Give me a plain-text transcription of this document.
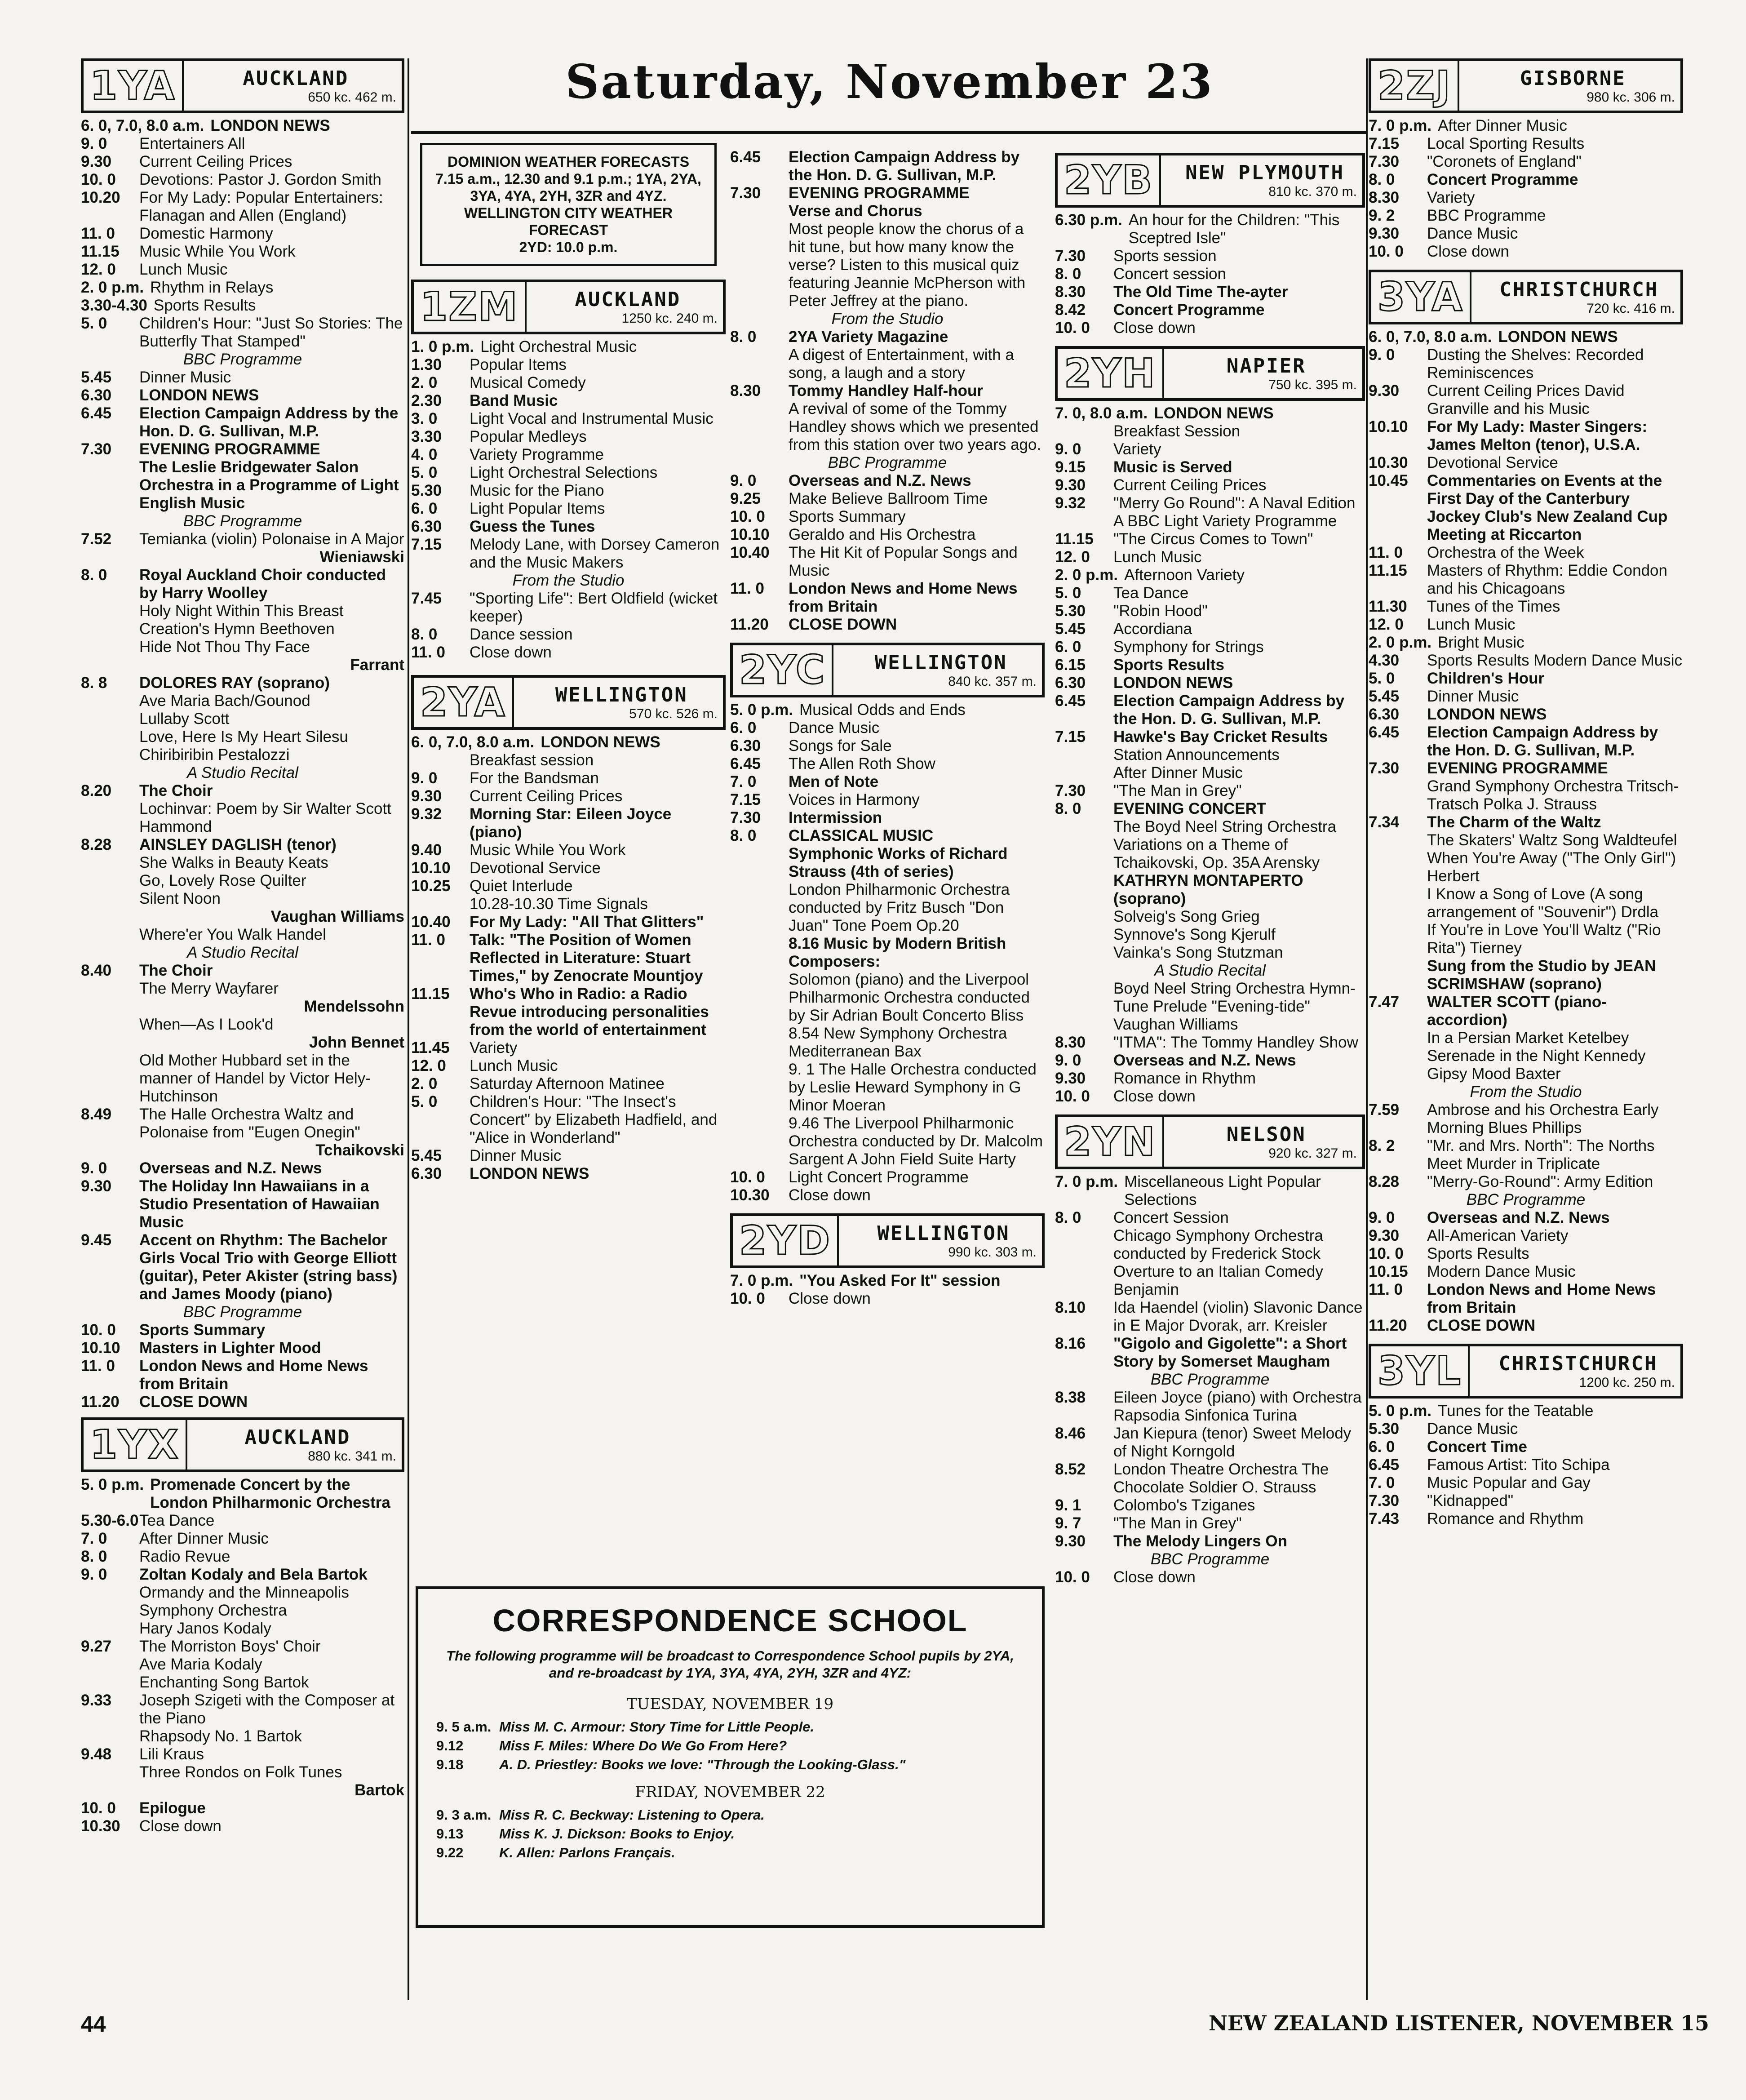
Saturday, November 23
1YA	AUCKLAND
650 kc. 462 m.
6. 0, 7.0, 8.0 a.m. LONDON NEWS
9. 0	Entertainers All
9.30	Current Ceiling Prices
10. 0	Devotions: Pastor J. Gordon Smith
10.20	For My Lady: Popular Entertainers: Flanagan and Allen (England)
11. 0	Domestic Harmony
11.15	Music While You Work
12. 0	Lunch Music
2. 0 p.m. Rhythm in Relays
3.30-4.30 Sports Results
5. 0	Children's Hour: "Just So Stories: The Butterfly That Stamped"
BBC Programme
5.45	Dinner Music
6.30	LONDON NEWS
6.45	Election Campaign Address by the Hon. D. G. Sullivan, M.P.
7.30	EVENING PROGRAMME
The Leslie Bridgewater Salon Orchestra in a Programme of Light English Music
BBC Programme
7.52	Temianka (violin) Polonaise in A Major
Wieniawski
8. 0	Royal Auckland Choir conducted by Harry Woolley
Holy Night Within This Breast
Creation's Hymn Beethoven
Hide Not Thou Thy Face
Farrant
8. 8	DOLORES RAY (soprano)
Ave Maria Bach/Gounod
Lullaby Scott
Love, Here Is My Heart Silesu
Chiribiribin Pestalozzi
A Studio Recital
8.20	The Choir
Lochinvar: Poem by Sir Walter Scott Hammond
8.28	AINSLEY DAGLISH (tenor)
She Walks in Beauty Keats
Go, Lovely Rose Quilter
Silent Noon
Vaughan Williams
Where'er You Walk Handel
A Studio Recital
8.40	The Choir
The Merry Wayfarer
Mendelssohn
When—As I Look'd
John Bennet
Old Mother Hubbard set in the manner of Handel by Victor Hely-Hutchinson
8.49	The Halle Orchestra Waltz and Polonaise from "Eugen Onegin"
Tchaikovski
9. 0	Overseas and N.Z. News
9.30	The Holiday Inn Hawaiians in a Studio Presentation of Hawaiian Music
9.45	Accent on Rhythm: The Bachelor Girls Vocal Trio with George Elliott (guitar), Peter Akister (string bass) and James Moody (piano)
BBC Programme
10. 0	Sports Summary
10.10	Masters in Lighter Mood
11. 0	London News and Home News from Britain
11.20	CLOSE DOWN
1YX	AUCKLAND
880 kc. 341 m.
5. 0 p.m. Promenade Concert by the London Philharmonic Orchestra
5.30-6.0 Tea Dance
7. 0	After Dinner Music
8. 0	Radio Revue
9. 0	Zoltan Kodaly and Bela Bartok
Ormandy and the Minneapolis Symphony Orchestra
Hary Janos Kodaly
9.27	The Morriston Boys' Choir
Ave Maria Kodaly
Enchanting Song Bartok
9.33	Joseph Szigeti with the Composer at the Piano
Rhapsody No. 1 Bartok
9.48	Lili Kraus
Three Rondos on Folk Tunes
Bartok
10. 0	Epilogue
10.30	Close down
DOMINION WEATHER FORECASTS
7.15 a.m., 12.30 and 9.1 p.m.; 1YA, 2YA, 3YA, 4YA, 2YH, 3ZR and 4YZ.
WELLINGTON CITY WEATHER FORECAST
2YD: 10.0 p.m.
1ZM	AUCKLAND
1250 kc. 240 m.
1. 0 p.m. Light Orchestral Music
1.30	Popular Items
2. 0	Musical Comedy
2.30	Band Music
3. 0	Light Vocal and Instrumental Music
3.30	Popular Medleys
4. 0	Variety Programme
5. 0	Light Orchestral Selections
5.30	Music for the Piano
6. 0	Light Popular Items
6.30	Guess the Tunes
7.15	Melody Lane, with Dorsey Cameron and the Music Makers
From the Studio
7.45	"Sporting Life": Bert Oldfield (wicket keeper)
8. 0	Dance session
11. 0	Close down
2YA	WELLINGTON
570 kc. 526 m.
6. 0, 7.0, 8.0 a.m. LONDON NEWS
Breakfast session
9. 0	For the Bandsman
9.30	Current Ceiling Prices
9.32	Morning Star: Eileen Joyce (piano)
9.40	Music While You Work
10.10	Devotional Service
10.25	Quiet Interlude
10.28-10.30 Time Signals
10.40	For My Lady: "All That Glitters"
11. 0	Talk: "The Position of Women Reflected in Literature: Stuart Times," by Zenocrate Mountjoy
11.15	Who's Who in Radio: a Radio Revue introducing personalities from the world of entertainment
11.45	Variety
12. 0	Lunch Music
2. 0	Saturday Afternoon Matinee
5. 0	Children's Hour: "The Insect's Concert" by Elizabeth Hadfield, and "Alice in Wonderland"
5.45	Dinner Music
6.30	LONDON NEWS
6.45	Election Campaign Address by the Hon. D. G. Sullivan, M.P.
7.30	EVENING PROGRAMME
Verse and Chorus
Most people know the chorus of a hit tune, but how many know the verse? Listen to this musical quiz featuring Jeannie McPherson with Peter Jeffrey at the piano.
From the Studio
8. 0	2YA Variety Magazine
A digest of Entertainment, with a song, a laugh and a story
8.30	Tommy Handley Half-hour
A revival of some of the Tommy Handley shows which we presented from this station over two years ago.
BBC Programme
9. 0	Overseas and N.Z. News
9.25	Make Believe Ballroom Time
10. 0	Sports Summary
10.10	Geraldo and His Orchestra
10.40	The Hit Kit of Popular Songs and Music
11. 0	London News and Home News from Britain
11.20	CLOSE DOWN
2YC	WELLINGTON
840 kc. 357 m.
5. 0 p.m. Musical Odds and Ends
6. 0	Dance Music
6.30	Songs for Sale
6.45	The Allen Roth Show
7. 0	Men of Note
7.15	Voices in Harmony
7.30	Intermission
8. 0	CLASSICAL MUSIC
Symphonic Works of Richard Strauss (4th of series)
London Philharmonic Orchestra conducted by Fritz Busch "Don Juan" Tone Poem Op.20
8.16 Music by Modern British Composers:
Solomon (piano) and the Liverpool Philharmonic Orchestra conducted by Sir Adrian Boult Concerto Bliss
8.54 New Symphony Orchestra Mediterranean Bax
9. 1 The Halle Orchestra conducted by Leslie Heward Symphony in G Minor Moeran
9.46 The Liverpool Philharmonic Orchestra conducted by Dr. Malcolm Sargent A John Field Suite Harty
10. 0	Light Concert Programme
10.30	Close down
2YD	WELLINGTON
990 kc. 303 m.
7. 0 p.m. "You Asked For It" session
10. 0	Close down
CORRESPONDENCE SCHOOL
The following programme will be broadcast to Correspondence School pupils by 2YA, and re-broadcast by 1YA, 3YA, 4YA, 2YH, 3ZR and 4YZ:
TUESDAY, NOVEMBER 19
9. 5 a.m. Miss M. C. Armour: Story Time for Little People.
9.12	Miss F. Miles: Where Do We Go From Here?
9.18	A. D. Priestley: Books we love: "Through the Looking-Glass."
FRIDAY, NOVEMBER 22
9. 3 a.m. Miss R. C. Beckway: Listening to Opera.
9.13	Miss K. J. Dickson: Books to Enjoy.
9.22	K. Allen: Parlons Français.
2YB	NEW PLYMOUTH
810 kc. 370 m.
6.30 p.m. An hour for the Children: "This Sceptred Isle"
7.30	Sports session
8. 0	Concert session
8.30	The Old Time The-ayter
8.42	Concert Programme
10. 0	Close down
2YH	NAPIER
750 kc. 395 m.
7. 0, 8.0 a.m. LONDON NEWS
Breakfast Session
9. 0	Variety
9.15	Music is Served
9.30	Current Ceiling Prices
9.32	"Merry Go Round": A Naval Edition
A BBC Light Variety Programme
11.15	"The Circus Comes to Town"
12. 0	Lunch Music
2. 0 p.m. Afternoon Variety
5. 0	Tea Dance
5.30	"Robin Hood"
5.45	Accordiana
6. 0	Symphony for Strings
6.15	Sports Results
6.30	LONDON NEWS
6.45	Election Campaign Address by the Hon. D. G. Sullivan, M.P.
7.15	Hawke's Bay Cricket Results
Station Announcements
After Dinner Music
7.30	"The Man in Grey"
8. 0	EVENING CONCERT
The Boyd Neel String Orchestra Variations on a Theme of Tchaikovski, Op. 35A Arensky
KATHRYN MONTAPERTO (soprano)
Solveig's Song Grieg
Synnove's Song Kjerulf
Vainka's Song Stutzman
A Studio Recital
Boyd Neel String Orchestra Hymn-Tune Prelude "Evening-tide" Vaughan Williams
8.30	"ITMA": The Tommy Handley Show
9. 0	Overseas and N.Z. News
9.30	Romance in Rhythm
10. 0	Close down
2YN	NELSON
920 kc. 327 m.
7. 0 p.m. Miscellaneous Light Popular Selections
8. 0	Concert Session
Chicago Symphony Orchestra conducted by Frederick Stock Overture to an Italian Comedy Benjamin
8.10	Ida Haendel (violin) Slavonic Dance in E Major Dvorak, arr. Kreisler
8.16	"Gigolo and Gigolette": a Short Story by Somerset Maugham
BBC Programme
8.38	Eileen Joyce (piano) with Orchestra Rapsodia Sinfonica Turina
8.46	Jan Kiepura (tenor) Sweet Melody of Night Korngold
8.52	London Theatre Orchestra The Chocolate Soldier O. Strauss
9. 1	Colombo's Tziganes
9. 7	"The Man in Grey"
9.30	The Melody Lingers On
BBC Programme
10. 0	Close down
2ZJ	GISBORNE
980 kc. 306 m.
7. 0 p.m. After Dinner Music
7.15	Local Sporting Results
7.30	"Coronets of England"
8. 0	Concert Programme
8.30	Variety
9. 2	BBC Programme
9.30	Dance Music
10. 0	Close down
3YA	CHRISTCHURCH
720 kc. 416 m.
6. 0, 7.0, 8.0 a.m. LONDON NEWS
9. 0	Dusting the Shelves: Recorded Reminiscences
9.30	Current Ceiling Prices David Granville and his Music
10.10	For My Lady: Master Singers: James Melton (tenor), U.S.A.
10.30	Devotional Service
10.45	Commentaries on Events at the First Day of the Canterbury Jockey Club's New Zealand Cup Meeting at Riccarton
11. 0	Orchestra of the Week
11.15	Masters of Rhythm: Eddie Condon and his Chicagoans
11.30	Tunes of the Times
12. 0	Lunch Music
2. 0 p.m. Bright Music
4.30	Sports Results Modern Dance Music
5. 0	Children's Hour
5.45	Dinner Music
6.30	LONDON NEWS
6.45	Election Campaign Address by the Hon. D. G. Sullivan, M.P.
7.30	EVENING PROGRAMME
Grand Symphony Orchestra Tritsch-Tratsch Polka J. Strauss
7.34	The Charm of the Waltz
The Skaters' Waltz Song Waldteufel
When You're Away ("The Only Girl") Herbert
I Know a Song of Love (A song arrangement of "Souvenir") Drdla
If You're in Love You'll Waltz ("Rio Rita") Tierney
Sung from the Studio by JEAN SCRIMSHAW (soprano)
7.47	WALTER SCOTT (piano-accordion)
In a Persian Market Ketelbey
Serenade in the Night Kennedy
Gipsy Mood Baxter
From the Studio
7.59	Ambrose and his Orchestra Early Morning Blues Phillips
8. 2	"Mr. and Mrs. North": The Norths Meet Murder in Triplicate
8.28	"Merry-Go-Round": Army Edition
BBC Programme
9. 0	Overseas and N.Z. News
9.30	All-American Variety
10. 0	Sports Results
10.15	Modern Dance Music
11. 0	London News and Home News from Britain
11.20	CLOSE DOWN
3YL	CHRISTCHURCH
1200 kc. 250 m.
5. 0 p.m. Tunes for the Teatable
5.30	Dance Music
6. 0	Concert Time
6.45	Famous Artist: Tito Schipa
7. 0	Music Popular and Gay
7.30	"Kidnapped"
7.43	Romance and Rhythm
44	NEW ZEALAND LISTENER, NOVEMBER 15
